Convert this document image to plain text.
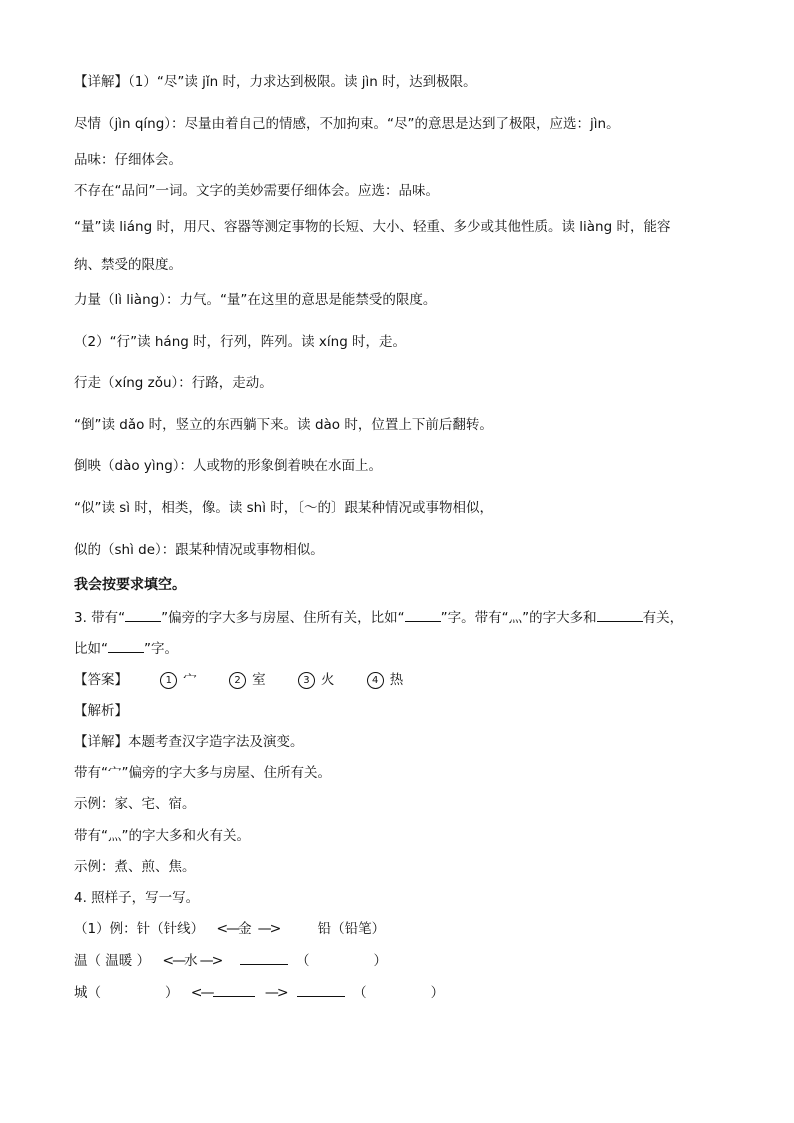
【详解】（1）“尽”读 jǐn 时，力求达到极限。读 jìn 时，达到极限。
尽情（jìn qíng）：尽量由着自己的情感，不加拘束。“尽”的意思是达到了极限，应选：jìn。
品味：仔细体会。
不存在“品问”一词。文字的美妙需要仔细体会。应选：品味。
“量”读 liáng 时，用尺、容器等测定事物的长短、大小、轻重、多少或其他性质。读 liàng 时，能容
纳、禁受的限度。
力量（lì liàng）：力气。“量”在这里的意思是能禁受的限度。
（2）“行”读 háng 时，行列，阵列。读 xíng 时，走。
行走（xíng zǒu）：行路，走动。
“倒”读 dǎo 时，竖立的东西躺下来。读 dào 时，位置上下前后翻转。
倒映（dào yìng）：人或物的形象倒着映在水面上。
“似”读 sì 时，相类，像。读 shì 时，〔～的〕跟某种情况或事物相似，
似的（shì de）：跟某种情况或事物相似。
我会按要求填空。
3. 带有“	”偏旁的字大多与房屋、住所有关，比如“	”字。带有“灬”的字大多和	有关，
比如“	”字。
【答案】	1 宀	2 室	3 火	4 热
【解析】
【详解】本题考查汉字造字法及演变。
带有“宀”偏旁的字大多与房屋、住所有关。
示例：家、宅、宿。
带有“灬”的字大多和火有关。
示例：煮、煎、焦。
4. 照样子，写一写。
（1）例：针（针线） <—金 —>	铅（铅笔）
温（ 温暖 ） <—水 —>	（	）
城（	） <—	—>	（	）
